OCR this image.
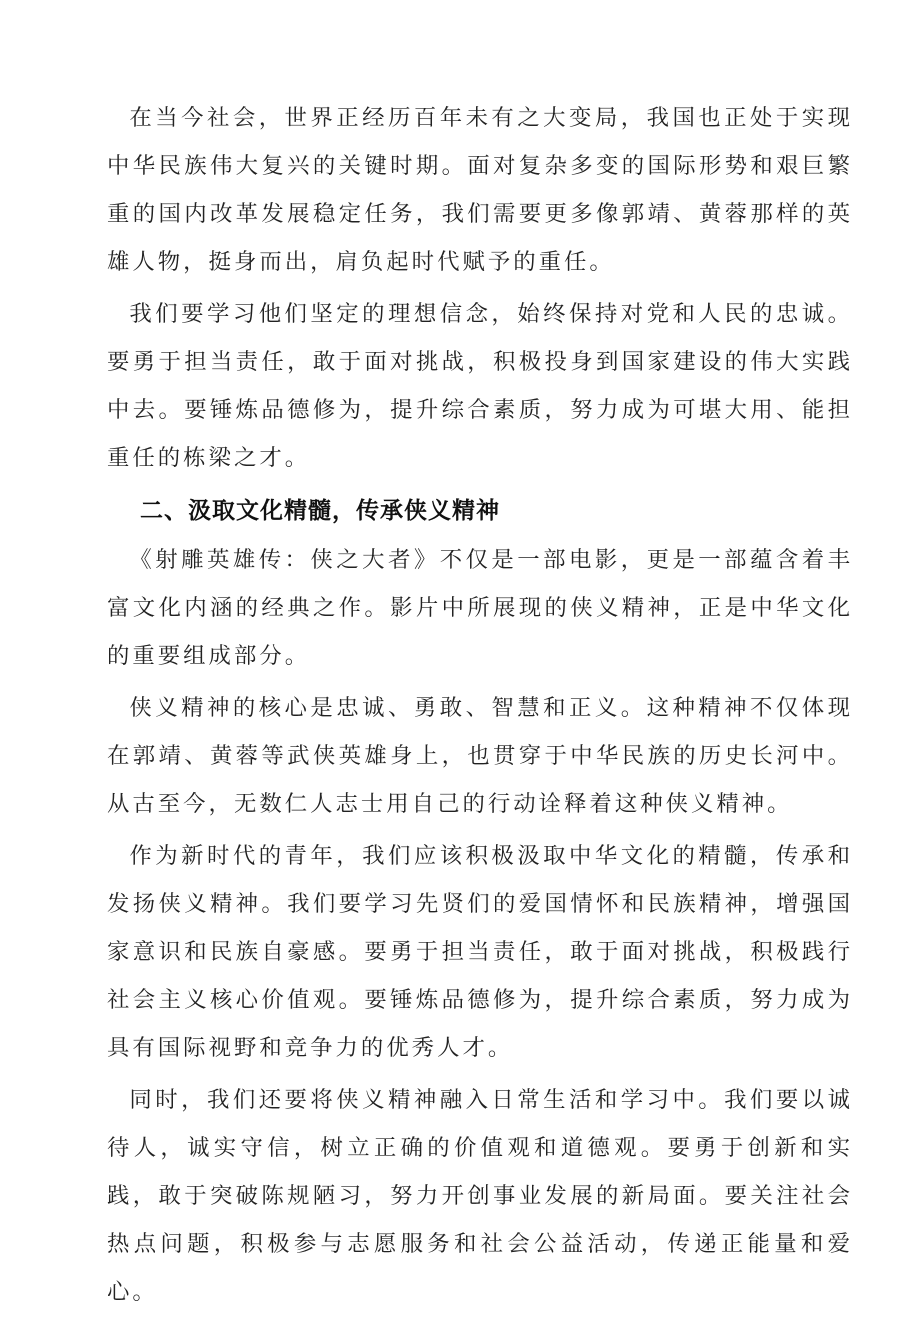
在当今社会，世界正经历百年未有之大变局，我国也正处于实现中华民族伟大复兴的关键时期。面对复杂多变的国际形势和艰巨繁重的国内改革发展稳定任务，我们需要更多像郭靖、黄蓉那样的英雄人物，挺身而出，肩负起时代赋予的重任。

我们要学习他们坚定的理想信念，始终保持对党和人民的忠诚。要勇于担当责任，敢于面对挑战，积极投身到国家建设的伟大实践中去。要锤炼品德修为，提升综合素质，努力成为可堪大用、能担重任的栋梁之才。

二、汲取文化精髓，传承侠义精神

《射雕英雄传：侠之大者》不仅是一部电影，更是一部蕴含着丰富文化内涵的经典之作。影片中所展现的侠义精神，正是中华文化的重要组成部分。

侠义精神的核心是忠诚、勇敢、智慧和正义。这种精神不仅体现在郭靖、黄蓉等武侠英雄身上，也贯穿于中华民族的历史长河中。从古至今，无数仁人志士用自己的行动诠释着这种侠义精神。

作为新时代的青年，我们应该积极汲取中华文化的精髓，传承和发扬侠义精神。我们要学习先贤们的爱国情怀和民族精神，增强国家意识和民族自豪感。要勇于担当责任，敢于面对挑战，积极践行社会主义核心价值观。要锤炼品德修为，提升综合素质，努力成为具有国际视野和竞争力的优秀人才。

同时，我们还要将侠义精神融入日常生活和学习中。我们要以诚待人，诚实守信，树立正确的价值观和道德观。要勇于创新和实践，敢于突破陈规陋习，努力开创事业发展的新局面。要关注社会热点问题，积极参与志愿服务和社会公益活动，传递正能量和爱心。
